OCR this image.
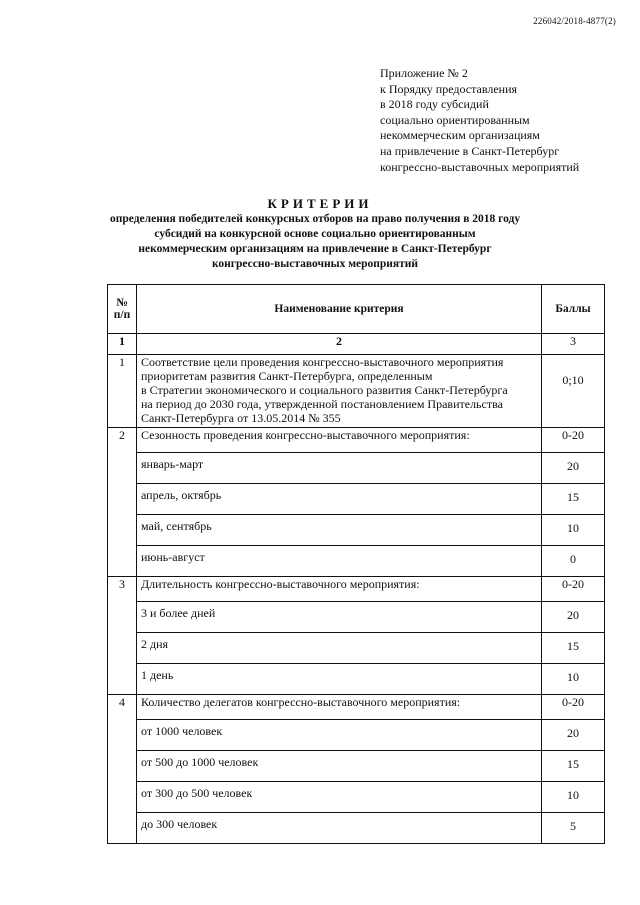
226042/2018-4877(2)
Приложение № 2
к Порядку предоставления
в 2018 году субсидий
социально ориентированным
некоммерческим организациям
на привлечение в Санкт-Петербург
конгрессно-выставочных мероприятий
КРИТЕРИИ
определения победителей конкурсных отборов на право получения в 2018 году
субсидий на конкурсной основе социально ориентированным
некоммерческим организациям на привлечение в Санкт-Петербург
конгрессно-выставочных мероприятий
№ п/п	Наименование критерия	Баллы
1	2	3
1	Соответствие цели проведения конгрессно-выставочного мероприятия
приоритетам развития Санкт-Петербурга, определенным
в Стратегии экономического и социального развития Санкт-Петербурга
на период до 2030 года, утвержденной постановлением Правительства
Санкт-Петербурга от 13.05.2014 № 355	0;10
2	Сезонность проведения конгрессно-выставочного мероприятия:	0-20
	январь-март	20
	апрель, октябрь	15
	май, сентябрь	10
	июнь-август	0
3	Длительность конгрессно-выставочного мероприятия:	0-20
	3 и более дней	20
	2 дня	15
	1 день	10
4	Количество делегатов конгрессно-выставочного мероприятия:	0-20
	от 1000 человек	20
	от 500 до 1000 человек	15
	от 300 до 500 человек	10
	до 300 человек	5
